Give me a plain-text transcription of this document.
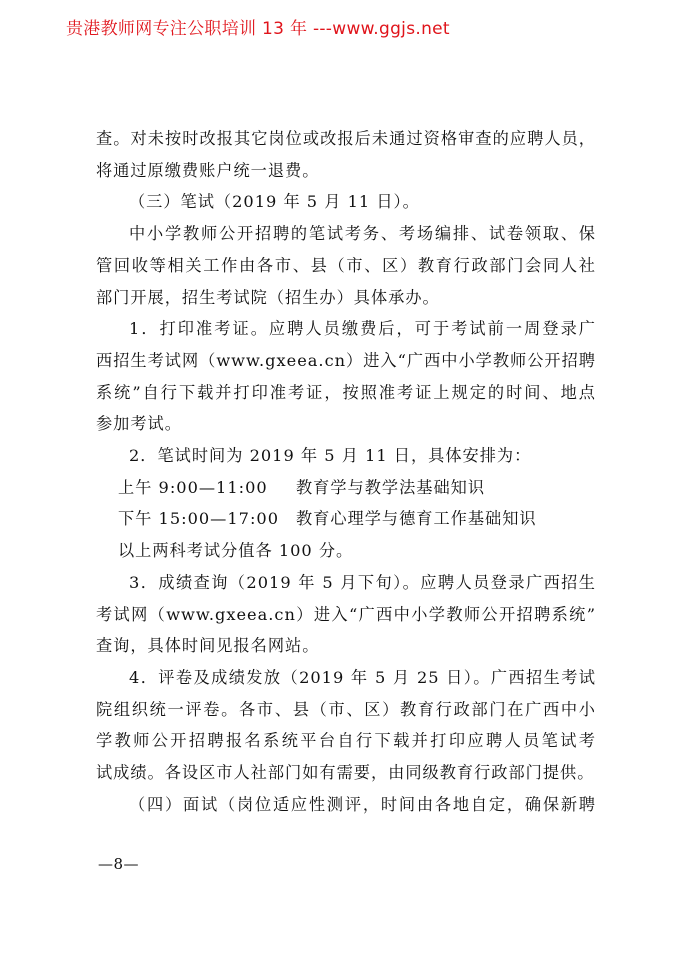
贵港教师网专注公职培训 13 年 ---www.ggjs.net

查。对未按时改报其它岗位或改报后未通过资格审查的应聘人员，

将通过原缴费账户统一退费。

（三）笔试（2019 年 5 月 11 日）。

中小学教师公开招聘的笔试考务、考场编排、试卷领取、保

管回收等相关工作由各市、县（市、区）教育行政部门会同人社

部门开展，招生考试院（招生办）具体承办。

1．打印准考证。应聘人员缴费后，可于考试前一周登录广

西招生考试网（www.gxeea.cn）进入“广西中小学教师公开招聘

系统”自行下载并打印准考证，按照准考证上规定的时间、地点

参加考试。

2．笔试时间为 2019 年 5 月 11 日，具体安排为：

上午 9:00—11:00 教育学与教学法基础知识

下午 15:00—17:00 教育心理学与德育工作基础知识

以上两科考试分值各 100 分。

3．成绩查询（2019 年 5 月下旬）。应聘人员登录广西招生

考试网（www.gxeea.cn）进入“广西中小学教师公开招聘系统”

查询，具体时间见报名网站。

4．评卷及成绩发放（2019 年 5 月 25 日）。广西招生考试

院组织统一评卷。各市、县（市、区）教育行政部门在广西中小

学教师公开招聘报名系统平台自行下载并打印应聘人员笔试考

试成绩。各设区市人社部门如有需要，由同级教育行政部门提供。

（四）面试（岗位适应性测评，时间由各地自定，确保新聘

—8—
